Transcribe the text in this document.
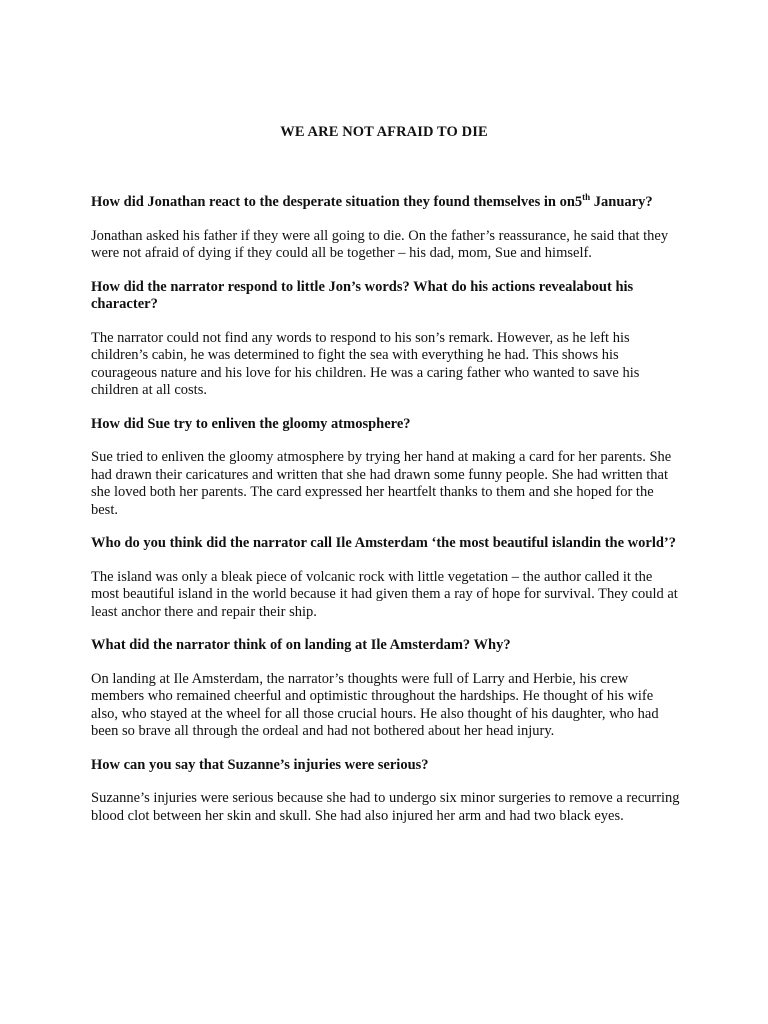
WE ARE NOT AFRAID TO DIE

How did Jonathan react to the desperate situation they found themselves in on5th January?

Jonathan asked his father if they were all going to die. On the father’s reassurance, he said that they were not afraid of dying if they could all be together – his dad, mom, Sue and himself.

How did the narrator respond to little Jon’s words? What do his actions revealabout his character?

The narrator could not find any words to respond to his son’s remark. However, as he left his children’s cabin, he was determined to fight the sea with everything he had. This shows his courageous nature and his love for his children. He was a caring father who wanted to save his children at all costs.

How did Sue try to enliven the gloomy atmosphere?

Sue tried to enliven the gloomy atmosphere by trying her hand at making a card for her parents. She had drawn their caricatures and written that she had drawn some funny people. She had written that she loved both her parents. The card expressed her heartfelt thanks to them and she hoped for the best.

Who do you think did the narrator call Ile Amsterdam ‘the most beautiful islandin the world’?

The island was only a bleak piece of volcanic rock with little vegetation – the author called it the most beautiful island in the world because it had given them a ray of hope for survival. They could at least anchor there and repair their ship.

What did the narrator think of on landing at Ile Amsterdam? Why?

On landing at Ile Amsterdam, the narrator’s thoughts were full of Larry and Herbie, his crew members who remained cheerful and optimistic throughout the hardships. He thought of his wife also, who stayed at the wheel for all those crucial hours. He also thought of his daughter, who had been so brave all through the ordeal and had not bothered about her head injury.

How can you say that Suzanne’s injuries were serious?

Suzanne’s injuries were serious because she had to undergo six minor surgeries to remove a recurring blood clot between her skin and skull. She had also injured her arm and had two black eyes.
